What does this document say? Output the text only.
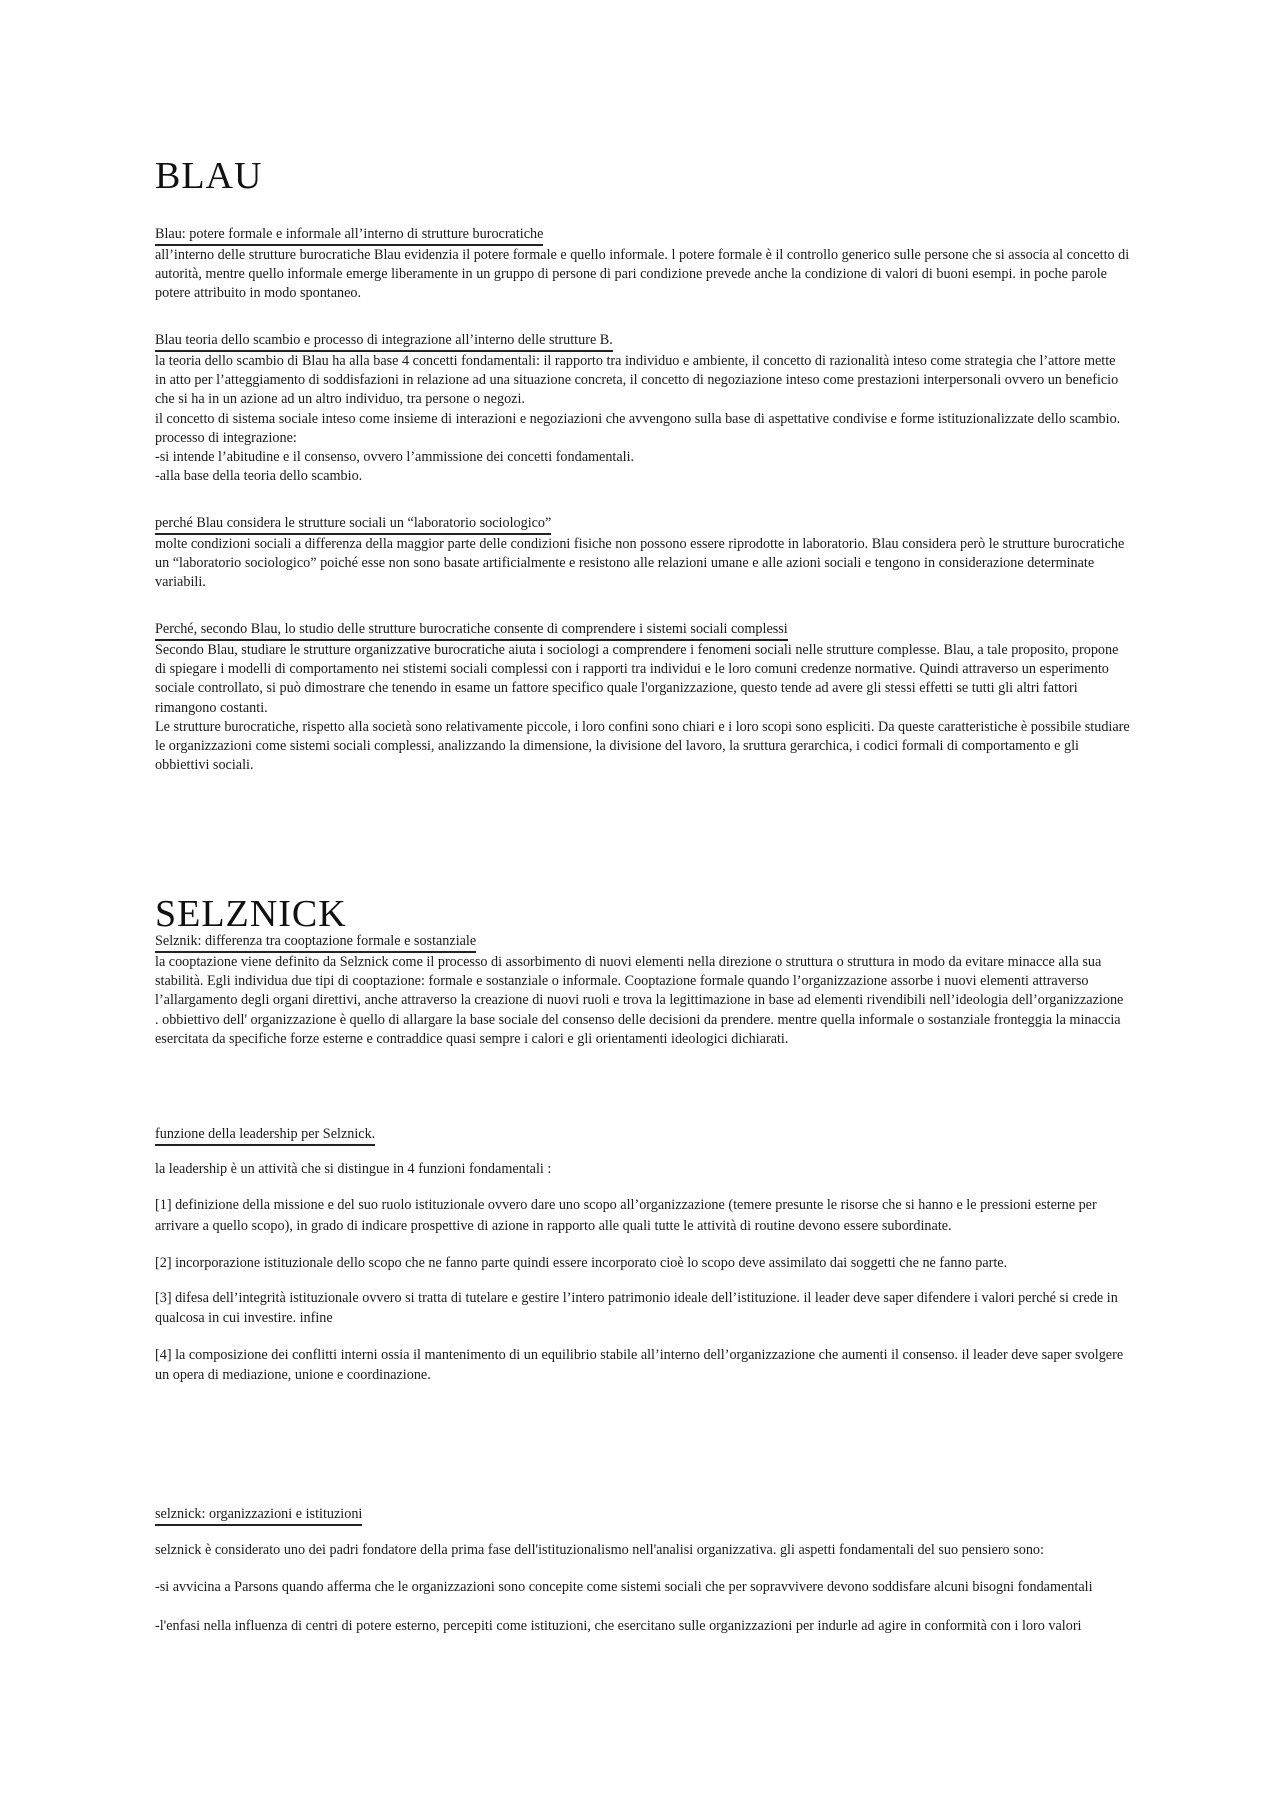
BLAU
Blau: potere formale e informale all’interno di strutture burocratiche

all’interno delle strutture burocratiche Blau evidenzia il potere formale e quello informale. l potere formale è il controllo generico sulle persone che si associa al concetto di autorità, mentre quello informale emerge liberamente in un gruppo di persone di pari condizione prevede anche la condizione di valori di buoni esempi. in poche parole potere attribuito in modo spontaneo.

Blau teoria dello scambio e processo di integrazione all’interno delle strutture B.

la teoria dello scambio di Blau ha alla base 4 concetti fondamentali: il rapporto tra individuo e ambiente, il concetto di razionalità inteso come strategia che l’attore mette in atto per l’atteggiamento di soddisfazioni in relazione ad una situazione concreta, il concetto di negoziazione inteso come prestazioni interpersonali ovvero un beneficio che si ha in un azione ad un altro individuo, tra persone o negozi.

il concetto di sistema sociale inteso come insieme di interazioni e negoziazioni che avvengono sulla base di aspettative condivise e forme istituzionalizzate dello scambio. processo di integrazione:

-si intende l’abitudine e il consenso, ovvero l’ammissione dei concetti fondamentali.

-alla base della teoria dello scambio.

perché Blau considera le strutture sociali un “laboratorio sociologico”

molte condizioni sociali a differenza della maggior parte delle condizioni fisiche non possono essere riprodotte in laboratorio. Blau considera però le strutture burocratiche un “laboratorio sociologico” poiché esse non sono basate artificialmente e resistono alle relazioni umane e alle azioni sociali e tengono in considerazione determinate variabili.

Perché, secondo Blau, lo studio delle strutture burocratiche consente di comprendere i sistemi sociali complessi

Secondo Blau, studiare le strutture organizzative burocratiche aiuta i sociologi a comprendere i fenomeni sociali nelle strutture complesse. Blau, a tale proposito, propone di spiegare i modelli di comportamento nei stistemi sociali complessi con i rapporti tra individui e le loro comuni credenze normative. Quindi attraverso un esperimento sociale controllato, si può dimostrare che tenendo in esame un fattore specifico quale l'organizzazione, questo tende ad avere gli stessi effetti se tutti gli altri fattori rimangono costanti.

Le strutture burocratiche, rispetto alla società sono relativamente piccole, i loro confini sono chiari e i loro scopi sono espliciti. Da queste caratteristiche è possibile studiare le organizzazioni come sistemi sociali complessi, analizzando la dimensione, la divisione del lavoro, la sruttura gerarchica, i codici formali di comportamento e gli obbiettivi sociali.

SELZNICK
Selznik: differenza tra cooptazione formale e sostanziale

la cooptazione viene definito da Selznick come il processo di assorbimento di nuovi elementi nella direzione o struttura o struttura in modo da evitare minacce alla sua stabilità. Egli individua due tipi di cooptazione: formale e sostanziale o informale. Cooptazione formale quando l’organizzazione assorbe i nuovi elementi attraverso l’allargamento degli organi direttivi, anche attraverso la creazione di nuovi ruoli e trova la legittimazione in base ad elementi rivendibili nell’ideologia dell’organizzazione . obbiettivo dell' organizzazione è quello di allargare la base sociale del consenso delle decisioni da prendere. mentre quella informale o sostanziale fronteggia la minaccia esercitata da specifiche forze esterne e contraddice quasi sempre i calori e gli orientamenti ideologici dichiarati.

funzione della leadership per Selznick.

la leadership è un attività che si distingue in 4 funzioni fondamentali :

[1] definizione della missione e del suo ruolo istituzionale ovvero dare uno scopo all’organizzazione (temere presunte le risorse che si hanno e le pressioni esterne per arrivare a quello scopo), in grado di indicare prospettive di azione in rapporto alle quali tutte le attività di routine devono essere subordinate.

[2] incorporazione istituzionale dello scopo che ne fanno parte quindi essere incorporato cioè lo scopo deve assimilato dai soggetti che ne fanno parte.

[3] difesa dell’integrità istituzionale ovvero si tratta di tutelare e gestire l’intero patrimonio ideale dell’istituzione. il leader deve saper difendere i valori perché si crede in qualcosa in cui investire. infine

[4] la composizione dei conflitti interni ossia il mantenimento di un equilibrio stabile all’interno dell’organizzazione che aumenti il consenso. il leader deve saper svolgere un opera di mediazione, unione e coordinazione.

selznick: organizzazioni e istituzioni

selznick è considerato uno dei padri fondatore della prima fase dell'istituzionalismo nell'analisi organizzativa. gli aspetti fondamentali del suo pensiero sono:

-si avvicina a Parsons quando afferma che le organizzazioni sono concepite come sistemi sociali che per sopravvivere devono soddisfare alcuni bisogni fondamentali

-l'enfasi nella influenza di centri di potere esterno, percepiti come istituzioni, che esercitano sulle organizzazioni per indurle ad agire in conformità con i loro valori
